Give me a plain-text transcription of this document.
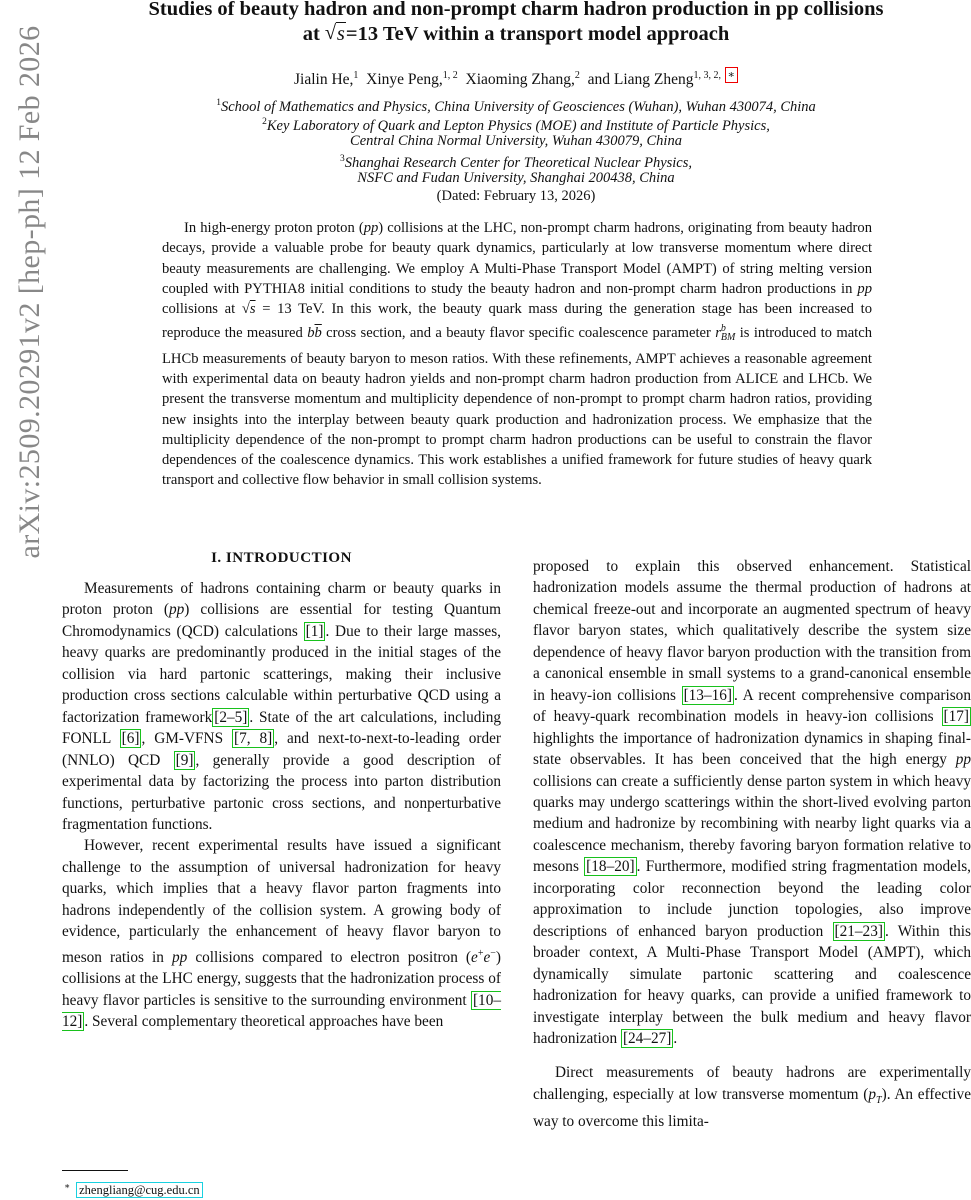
Studies of beauty hadron and non-prompt charm hadron production in pp collisions
at √ s=13 TeV within a transport model approach
Jialin He,$^1$ Xinye Peng,$^{1, 2}$ Xiaoming Zhang,$^2$ and Liang Zheng$^{1, 3, 2,}$ ∗
$^1$School of Mathematics and Physics, China University of Geosciences (Wuhan), Wuhan 430074, China
$^2$Key Laboratory of Quark and Lepton Physics (MOE) and Institute of Particle Physics,
Central China Normal University, Wuhan 430079, China
$^3$Shanghai Research Center for Theoretical Nuclear Physics,
NSFC and Fudan University, Shanghai 200438, China
(Dated: February 13, 2026)

In high-energy proton proton (pp) collisions at the LHC, non-prompt charm hadrons, originating from beauty hadron decays, provide a valuable probe for beauty quark dynamics, particularly at low transverse momentum where direct beauty measurements are challenging. We employ A Multi-Phase Transport Model (AMPT) of string melting version coupled with PYTHIA8 initial conditions to study the beauty hadron and non-prompt charm hadron productions in pp collisions at √s = 13 TeV. In this work, the beauty quark mass during the generation stage has been increased to reproduce the measured $b\overline{b}$ cross section, and a beauty flavor specific coalescence parameter $r^b_{BM}$ is introduced to match LHCb measurements of beauty baryon to meson ratios. With these refinements, AMPT achieves a reasonable agreement with experimental data on beauty hadron yields and non-prompt charm hadron production from ALICE and LHCb. We present the transverse momentum and multiplicity dependence of non-prompt to prompt charm hadron ratios, providing new insights into the interplay between beauty quark production and hadronization process. We emphasize that the multiplicity dependence of the non-prompt to prompt charm hadron productions can be useful to constrain the flavor dependences of the coalescence dynamics. This work establishes a unified framework for future studies of heavy quark transport and collective flow behavior in small collision systems.

arXiv:2509.20291v2 [hep-ph] 12 Feb 2026	I. INTRODUCTION

Measurements of hadrons containing charm or beauty quarks in proton proton (pp) collisions are essential for testing Quantum Chromodynamics (QCD) calculations [1] . Due to their large masses, heavy quarks are predominantly produced in the initial stages of the collision via hard partonic scatterings, making their inclusive production cross sections calculable within perturbative QCD using a factorization framework [2–5] . State of the art calculations, including FONLL [6] , GM-VFNS [7, 8] , and next-to-next-to-leading order (NNLO) QCD [9] , generally provide a good description of experimental data by factorizing the process into parton distribution functions, perturbative partonic cross sections, and nonperturbative fragmentation functions.

However, recent experimental results have issued a significant challenge to the assumption of universal hadronization for heavy quarks, which implies that a heavy flavor parton fragments into hadrons independently of the collision system. A growing body of evidence, particularly the enhancement of heavy flavor baryon to meson ratios in pp collisions compared to electron positron (e+e−) collisions at the LHC energy, suggests that the hadronization process of heavy flavor particles is sensitive to the surrounding environment [10–12] . Several complementary theoretical approaches have been

proposed to explain this observed enhancement. Statistical hadronization models assume the thermal production of hadrons at chemical freeze-out and incorporate an augmented spectrum of heavy flavor baryon states, which qualitatively describe the system size dependence of heavy flavor baryon production with the transition from a canonical ensemble in small systems to a grand-canonical ensemble in heavy-ion collisions [13–16] . A recent comprehensive comparison of heavy-quark recombination models in heavy-ion collisions [17] highlights the importance of hadronization dynamics in shaping final-state observables. It has been conceived that the high energy pp collisions can create a sufficiently dense parton system in which heavy quarks may undergo scatterings within the short-lived evolving parton medium and hadronize by recombining with nearby light quarks via a coalescence mechanism, thereby favoring baryon formation relative to mesons [18–20] . Furthermore, modified string fragmentation models, incorporating color reconnection beyond the leading color approximation to include junction topologies, also improve descriptions of enhanced baryon production [21–23] . Within this broader context, A Multi-Phase Transport Model (AMPT), which dynamically simulate partonic scattering and coalescence hadronization for heavy quarks, can provide a unified framework to investigate interplay between the bulk medium and heavy flavor hadronization [24–27] .

Direct measurements of beauty hadrons are experimentally challenging, especially at low transverse momentum $(p_T)$. An effective way to overcome this limita-

∗ zhengliang@cug.edu.cn
